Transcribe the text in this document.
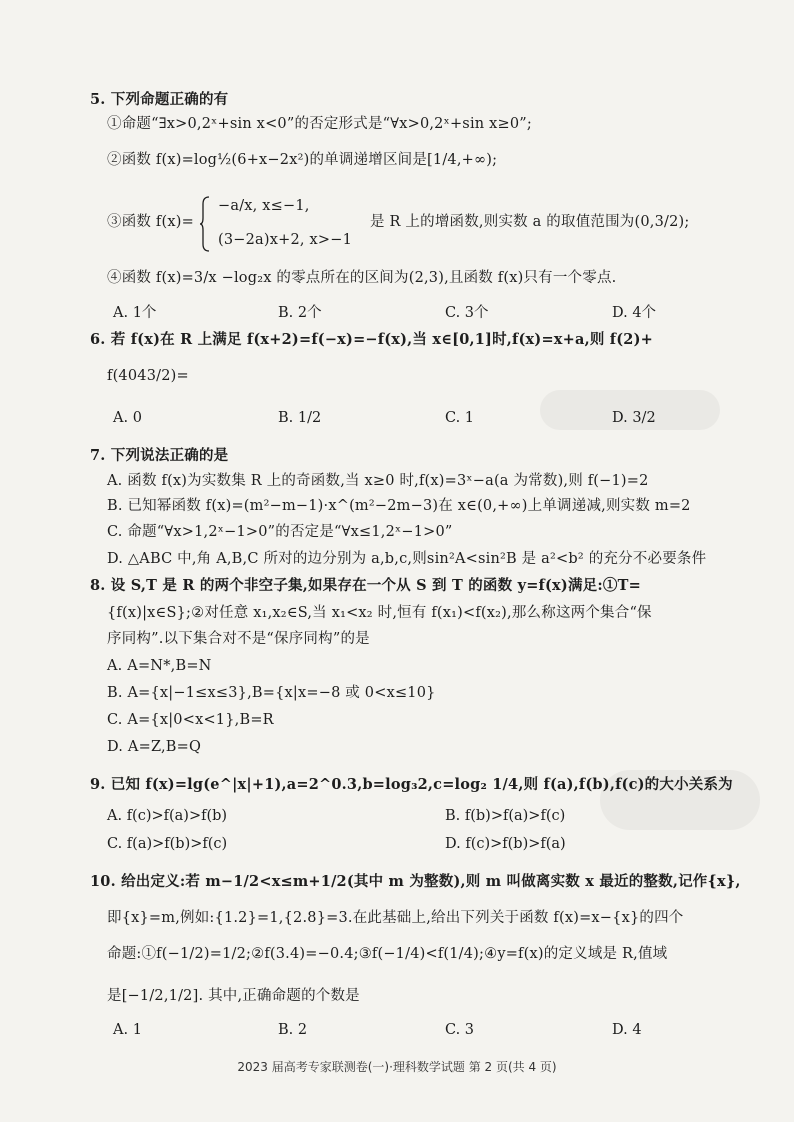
5. 下列命题正确的有
①命题“∃x>0,2ˣ+sin x<0”的否定形式是“∀x>0,2ˣ+sin x≥0”;
②函数 f(x)=log½(6+x−2x²)的单调递增区间是[1/4,+∞);
③函数 f(x)=
−a/x, x≤−1,
(3−2a)x+2, x>−1
是 R 上的增函数,则实数 a 的取值范围为(0,3/2);
④函数 f(x)=3/x −log₂x 的零点所在的区间为(2,3),且函数 f(x)只有一个零点.
A. 1个	B. 2个	C. 3个	D. 4个
6. 若 f(x)在 R 上满足 f(x+2)=f(−x)=−f(x),当 x∈[0,1]时,f(x)=x+a,则 f(2)+
f(4043/2)=
A. 0	B. 1/2	C. 1	D. 3/2
7. 下列说法正确的是
A. 函数 f(x)为实数集 R 上的奇函数,当 x≥0 时,f(x)=3ˣ−a(a 为常数),则 f(−1)=2
B. 已知幂函数 f(x)=(m²−m−1)·x^(m²−2m−3)在 x∈(0,+∞)上单调递减,则实数 m=2
C. 命题“∀x>1,2ˣ−1>0”的否定是“∀x≤1,2ˣ−1>0”
D. △ABC 中,角 A,B,C 所对的边分别为 a,b,c,则sin²A<sin²B 是 a²<b² 的充分不必要条件
8. 设 S,T 是 R 的两个非空子集,如果存在一个从 S 到 T 的函数 y=f(x)满足:①T=
{f(x)|x∈S};②对任意 x₁,x₂∈S,当 x₁<x₂ 时,恒有 f(x₁)<f(x₂),那么称这两个集合“保
序同构”.以下集合对不是“保序同构”的是
A. A=N*,B=N
B. A={x|−1≤x≤3},B={x|x=−8 或 0<x≤10}
C. A={x|0<x<1},B=R
D. A=Z,B=Q
9. 已知 f(x)=lg(e^|x|+1),a=2^0.3,b=log₃2,c=log₂ 1/4,则 f(a),f(b),f(c)的大小关系为
A. f(c)>f(a)>f(b)	B. f(b)>f(a)>f(c)
C. f(a)>f(b)>f(c)	D. f(c)>f(b)>f(a)
10. 给出定义:若 m−1/2<x≤m+1/2(其中 m 为整数),则 m 叫做离实数 x 最近的整数,记作{x},
即{x}=m,例如:{1.2}=1,{2.8}=3.在此基础上,给出下列关于函数 f(x)=x−{x}的四个
命题:①f(−1/2)=1/2;②f(3.4)=−0.4;③f(−1/4)<f(1/4);④y=f(x)的定义域是 R,值域
是[−1/2,1/2]. 其中,正确命题的个数是
A. 1	B. 2	C. 3	D. 4
2023 届高考专家联测卷(一)·理科数学试题 第 2 页(共 4 页)
